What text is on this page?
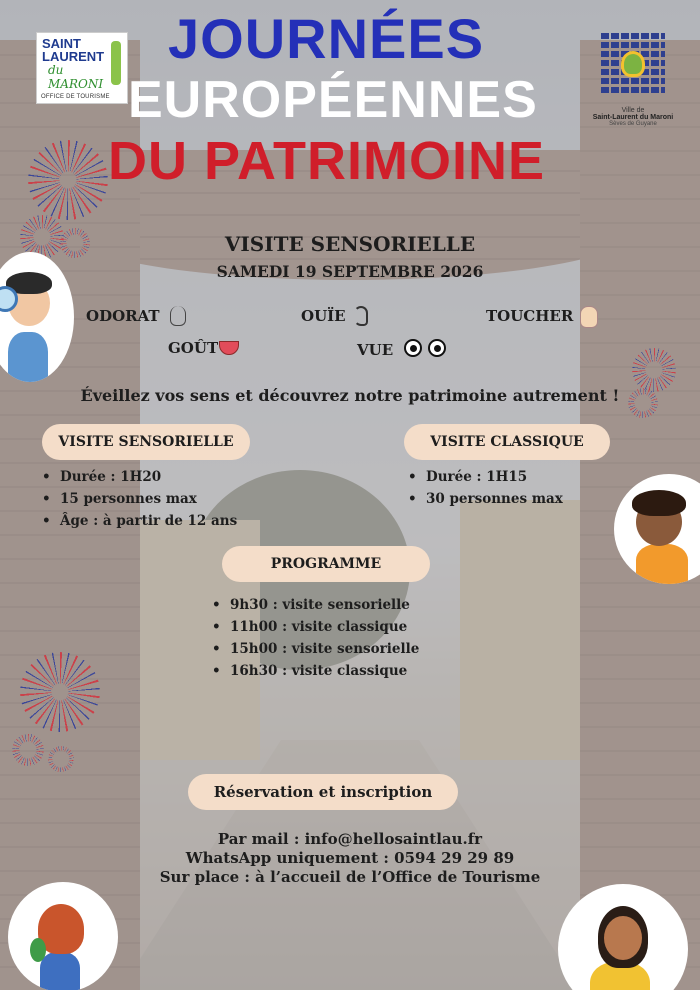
SAINT
LAURENT
du MARONI
OFFICE DE TOURISME
Ville de
Saint-Laurent du Maroni
Sèves de Guyane
JOURNÉES
EUROPÉENNES
DU PATRIMOINE
VISITE SENSORIELLE
SAMEDI 19 SEPTEMBRE 2026
ODORAT	OUÏE	TOUCHER
GOÛT	VUE
Éveillez vos sens et découvrez notre patrimoine autrement !
VISITE SENSORIELLE
• Durée : 1H20
• 15 personnes max
• Âge : à partir de 12 ans
VISITE CLASSIQUE
• Durée : 1H15
• 30 personnes max
PROGRAMME
• 9h30 : visite sensorielle
• 11h00 : visite classique
• 15h00 : visite sensorielle
• 16h30 : visite classique
Réservation et inscription
Par mail : info@hellosaintlau.fr
WhatsApp uniquement : 0594 29 29 89
Sur place : à l’accueil de l’Office de Tourisme
